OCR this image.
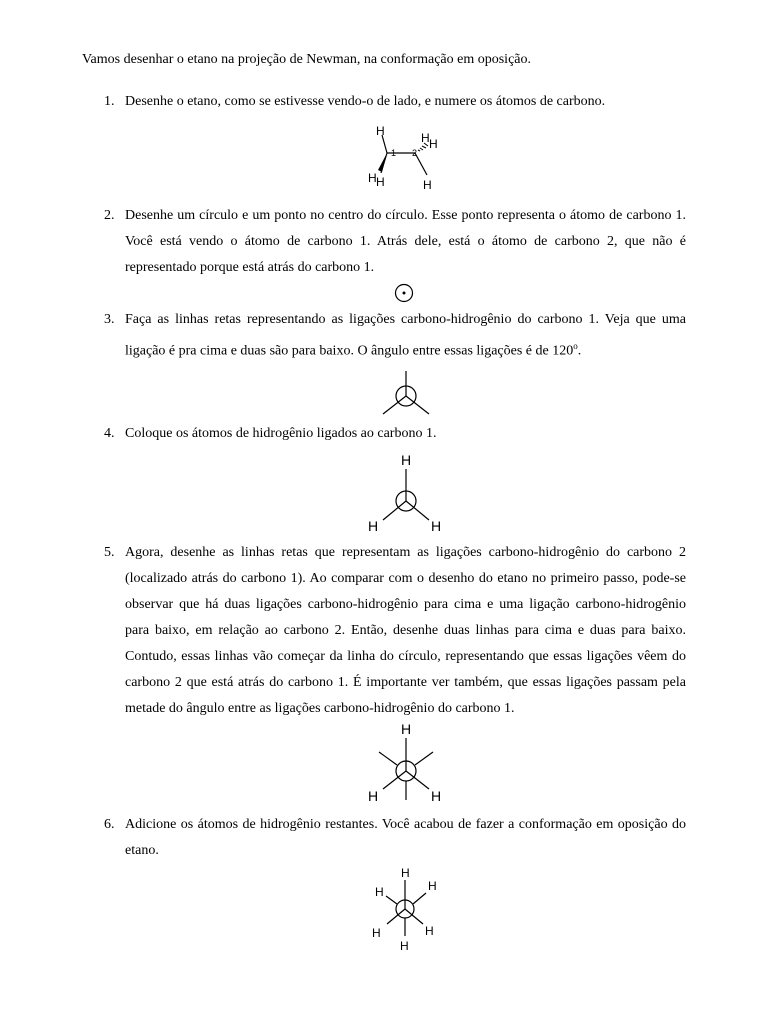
Vamos desenhar o etano na projeção de Newman, na conformação em oposição.
1. Desenhe o etano, como se estivesse vendo-o de lado, e numere os átomos de carbono.
H	H H
H H	H
1 2
2. Desenhe um círculo e um ponto no centro do círculo. Esse ponto representa o átomo de carbono 1. Você está vendo o átomo de carbono 1. Atrás dele, está o átomo de carbono 2, que não é representado porque está atrás do carbono 1.
3. Faça as linhas retas representando as ligações carbono-hidrogênio do carbono 1. Veja que uma ligação é pra cima e duas são para baixo. O ângulo entre essas ligações é de 120$^o$.
4. Coloque os átomos de hidrogênio ligados ao carbono 1.
H
H	H
5. Agora, desenhe as linhas retas que representam as ligações carbono-hidrogênio do carbono 2 (localizado atrás do carbono 1). Ao comparar com o desenho do etano no primeiro passo, pode-se observar que há duas ligações carbono-hidrogênio para cima e uma ligação carbono-hidrogênio para baixo, em relação ao carbono 2. Então, desenhe duas linhas para cima e duas para baixo. Contudo, essas linhas vão começar da linha do círculo, representando que essas ligações vêem do carbono 2 que está atrás do carbono 1. É importante ver também, que essas ligações passam pela metade do ângulo entre as ligações carbono-hidrogênio do carbono 1.
H
H	H
6. Adicione os átomos de hidrogênio restantes. Você acabou de fazer a conformação em oposição do etano.
H
H	H
H	H
H
